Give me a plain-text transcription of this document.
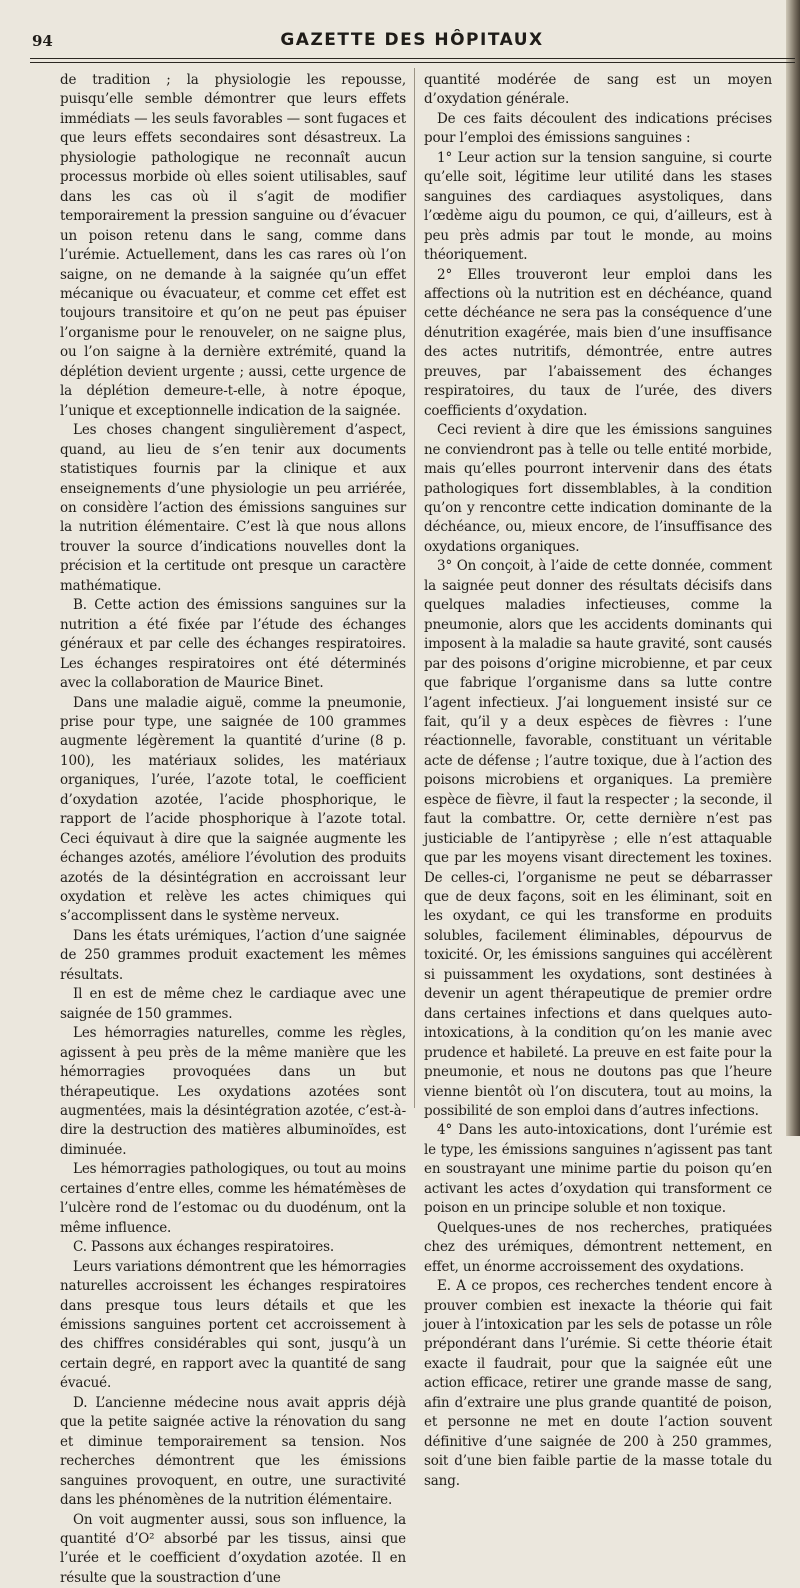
94	GAZETTE DES HÔPITAUX

de tradition ; la physiologie les repousse, puisqu’elle semble démontrer que leurs effets immédiats — les seuls favorables — sont fugaces et que leurs effets secondaires sont désastreux. La physiologie pathologique ne reconnaît aucun processus morbide où elles soient utilisables, sauf dans les cas où il s’agit de modifier temporairement la pression sanguine ou d’évacuer un poison retenu dans le sang, comme dans l’urémie. Actuellement, dans les cas rares où l’on saigne, on ne demande à la saignée qu’un effet mécanique ou évacuateur, et comme cet effet est toujours transitoire et qu’on ne peut pas épuiser l’organisme pour le renouveler, on ne saigne plus, ou l’on saigne à la dernière extrémité, quand la déplétion devient urgente ; aussi, cette urgence de la déplétion demeure-t-elle, à notre époque, l’unique et exceptionnelle indication de la saignée.

Les choses changent singulièrement d’aspect, quand, au lieu de s’en tenir aux documents statistiques fournis par la clinique et aux enseignements d’une physiologie un peu arriérée, on considère l’action des émissions sanguines sur la nutrition élémentaire. C’est là que nous allons trouver la source d’indications nouvelles dont la précision et la certitude ont presque un caractère mathématique.

B. Cette action des émissions sanguines sur la nutrition a été fixée par l’étude des échanges généraux et par celle des échanges respiratoires. Les échanges respiratoires ont été déterminés avec la collaboration de Maurice Binet.

Dans une maladie aiguë, comme la pneumonie, prise pour type, une saignée de 100 grammes augmente légèrement la quantité d’urine (8 p. 100), les matériaux solides, les matériaux organiques, l’urée, l’azote total, le coefficient d’oxydation azotée, l’acide phosphorique, le rapport de l’acide phosphorique à l’azote total. Ceci équivaut à dire que la saignée augmente les échanges azotés, améliore l’évolution des produits azotés de la désintégration en accroissant leur oxydation et relève les actes chimiques qui s’accomplissent dans le système nerveux.

Dans les états urémiques, l’action d’une saignée de 250 grammes produit exactement les mêmes résultats.

Il en est de même chez le cardiaque avec une saignée de 150 grammes.

Les hémorragies naturelles, comme les règles, agissent à peu près de la même manière que les hémorragies provoquées dans un but thérapeutique. Les oxydations azotées sont augmentées, mais la désintégration azotée, c’est-à-dire la destruction des matières albuminoïdes, est diminuée.

Les hémorragies pathologiques, ou tout au moins certaines d’entre elles, comme les hématémèses de l’ulcère rond de l’estomac ou du duodénum, ont la même influence.

C. Passons aux échanges respiratoires.

Leurs variations démontrent que les hémorragies naturelles accroissent les échanges respiratoires dans presque tous leurs détails et que les émissions sanguines portent cet accroissement à des chiffres considérables qui sont, jusqu’à un certain degré, en rapport avec la quantité de sang évacué.

D. L’ancienne médecine nous avait appris déjà que la petite saignée active la rénovation du sang et diminue temporairement sa tension. Nos recherches démontrent que les émissions sanguines provoquent, en outre, une suractivité dans les phénomènes de la nutrition élémentaire.

On voit augmenter aussi, sous son influence, la quantité d’O² absorbé par les tissus, ainsi que l’urée et le coefficient d’oxydation azotée. Il en résulte que la soustraction d’une

quantité modérée de sang est un moyen d’oxydation générale.

De ces faits découlent des indications précises pour l’emploi des émissions sanguines :

1° Leur action sur la tension sanguine, si courte qu’elle soit, légitime leur utilité dans les stases sanguines des cardiaques asystoliques, dans l’œdème aigu du poumon, ce qui, d’ailleurs, est à peu près admis par tout le monde, au moins théoriquement.

2° Elles trouveront leur emploi dans les affections où la nutrition est en déchéance, quand cette déchéance ne sera pas la conséquence d’une dénutrition exagérée, mais bien d’une insuffisance des actes nutritifs, démontrée, entre autres preuves, par l’abaissement des échanges respiratoires, du taux de l’urée, des divers coefficients d’oxydation.

Ceci revient à dire que les émissions sanguines ne conviendront pas à telle ou telle entité morbide, mais qu’elles pourront intervenir dans des états pathologiques fort dissemblables, à la condition qu’on y rencontre cette indication dominante de la déchéance, ou, mieux encore, de l’insuffisance des oxydations organiques.

3° On conçoit, à l’aide de cette donnée, comment la saignée peut donner des résultats décisifs dans quelques maladies infectieuses, comme la pneumonie, alors que les accidents dominants qui imposent à la maladie sa haute gravité, sont causés par des poisons d’origine microbienne, et par ceux que fabrique l’organisme dans sa lutte contre l’agent infectieux. J’ai longuement insisté sur ce fait, qu’il y a deux espèces de fièvres : l’une réactionnelle, favorable, constituant un véritable acte de défense ; l’autre toxique, due à l’action des poisons microbiens et organiques. La première espèce de fièvre, il faut la respecter ; la seconde, il faut la combattre. Or, cette dernière n’est pas justiciable de l’antipyrèse ; elle n’est attaquable que par les moyens visant directement les toxines. De celles-ci, l’organisme ne peut se débarrasser que de deux façons, soit en les éliminant, soit en les oxydant, ce qui les transforme en produits solubles, facilement éliminables, dépourvus de toxicité. Or, les émissions sanguines qui accélèrent si puissamment les oxydations, sont destinées à devenir un agent thérapeutique de premier ordre dans certaines infections et dans quelques auto-intoxications, à la condition qu’on les manie avec prudence et habileté. La preuve en est faite pour la pneumonie, et nous ne doutons pas que l’heure vienne bientôt où l’on discutera, tout au moins, la possibilité de son emploi dans d’autres infections.

4° Dans les auto-intoxications, dont l’urémie est le type, les émissions sanguines n’agissent pas tant en soustrayant une minime partie du poison qu’en activant les actes d’oxydation qui transforment ce poison en un principe soluble et non toxique.

Quelques-unes de nos recherches, pratiquées chez des urémiques, démontrent nettement, en effet, un énorme accroissement des oxydations.

E. A ce propos, ces recherches tendent encore à prouver combien est inexacte la théorie qui fait jouer à l’intoxication par les sels de potasse un rôle prépondérant dans l’urémie. Si cette théorie était exacte il faudrait, pour que la saignée eût une action efficace, retirer une grande masse de sang, afin d’extraire une plus grande quantité de poison, et personne ne met en doute l’action souvent définitive d’une saignée de 200 à 250 grammes, soit d’une bien faible partie de la masse totale du sang.
